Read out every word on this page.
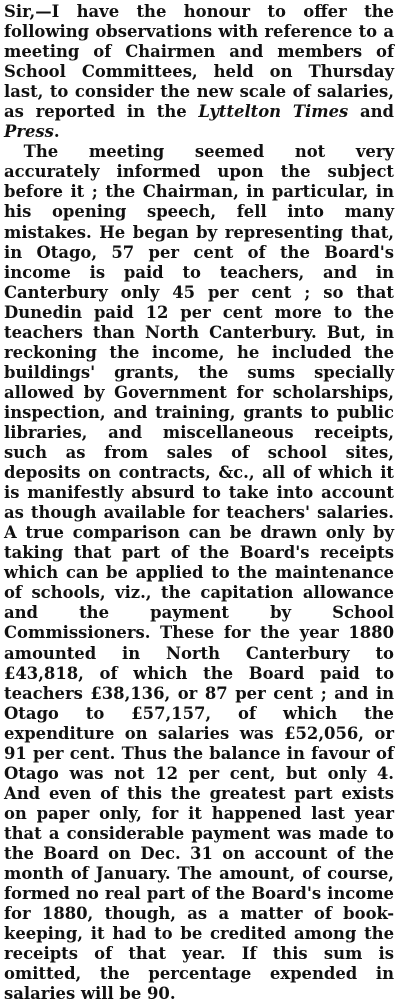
Sir,—I have the honour to offer the following observations with reference to a meeting of Chairmen and members of School Committees, held on Thursday last, to consider the new scale of salaries, as reported in the Lyttelton Times and Press.

The meeting seemed not very accurately informed upon the subject before it ; the Chairman, in particular, in his opening speech, fell into many mistakes. He began by representing that, in Otago, 57 per cent of the Board's income is paid to teachers, and in Canterbury only 45 per cent ; so that Dunedin paid 12 per cent more to the teachers than North Canterbury. But, in reckoning the income, he included the buildings' grants, the sums specially allowed by Government for scholarships, inspection, and training, grants to public libraries, and miscellaneous receipts, such as from sales of school sites, deposits on contracts, &c., all of which it is manifestly absurd to take into account as though available for teachers' salaries. A true comparison can be drawn only by taking that part of the Board's receipts which can be applied to the maintenance of schools, viz., the capitation allowance and the payment by School Commissioners. These for the year 1880 amounted in North Canterbury to £43,818, of which the Board paid to teachers £38,136, or 87 per cent ; and in Otago to £57,157, of which the expenditure on salaries was £52,056, or 91 per cent. Thus the balance in favour of Otago was not 12 per cent, but only 4. And even of this the greatest part exists on paper only, for it happened last year that a considerable payment was made to the Board on Dec. 31 on account of the month of January. The amount, of course, formed no real part of the Board's income for 1880, though, as a matter of book-keeping, it had to be credited among the receipts of that year. If this sum is omitted, the percentage expended in salaries will be 90.
